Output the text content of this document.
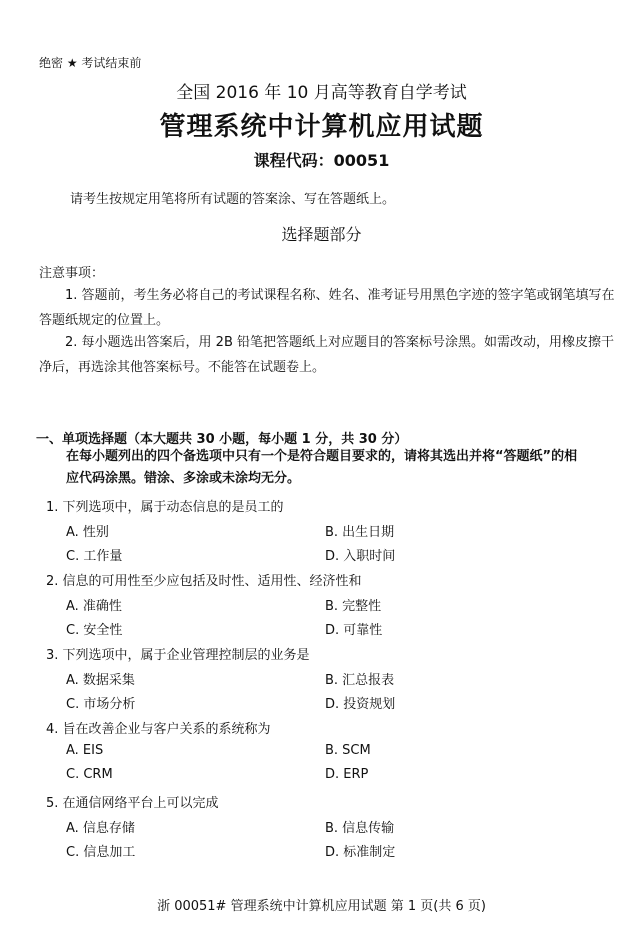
绝密 ★ 考试结束前
全国 2016 年 10 月高等教育自学考试
管理系统中计算机应用试题
课程代码：00051
请考生按规定用笔将所有试题的答案涂、写在答题纸上。
选择题部分
注意事项：
1. 答题前，考生务必将自己的考试课程名称、姓名、准考证号用黑色字迹的签字笔或钢笔填写在答题纸规定的位置上。
2. 每小题选出答案后，用 2B 铅笔把答题纸上对应题目的答案标号涂黑。如需改动，用橡皮擦干净后，再选涂其他答案标号。不能答在试题卷上。
一、单项选择题（本大题共 30 小题，每小题 1 分，共 30 分）
在每小题列出的四个备选项中只有一个是符合题目要求的，请将其选出并将“答题纸”的相应代码涂黑。错涂、多涂或未涂均无分。
1. 下列选项中，属于动态信息的是员工的
A. 性别	B. 出生日期
C. 工作量	D. 入职时间
2. 信息的可用性至少应包括及时性、适用性、经济性和
A. 准确性	B. 完整性
C. 安全性	D. 可靠性
3. 下列选项中，属于企业管理控制层的业务是
A. 数据采集	B. 汇总报表
C. 市场分析	D. 投资规划
4. 旨在改善企业与客户关系的系统称为
A. EIS	B. SCM
C. CRM	D. ERP
5. 在通信网络平台上可以完成
A. 信息存储	B. 信息传输
C. 信息加工	D. 标准制定
浙 00051# 管理系统中计算机应用试题 第 1 页(共 6 页)
